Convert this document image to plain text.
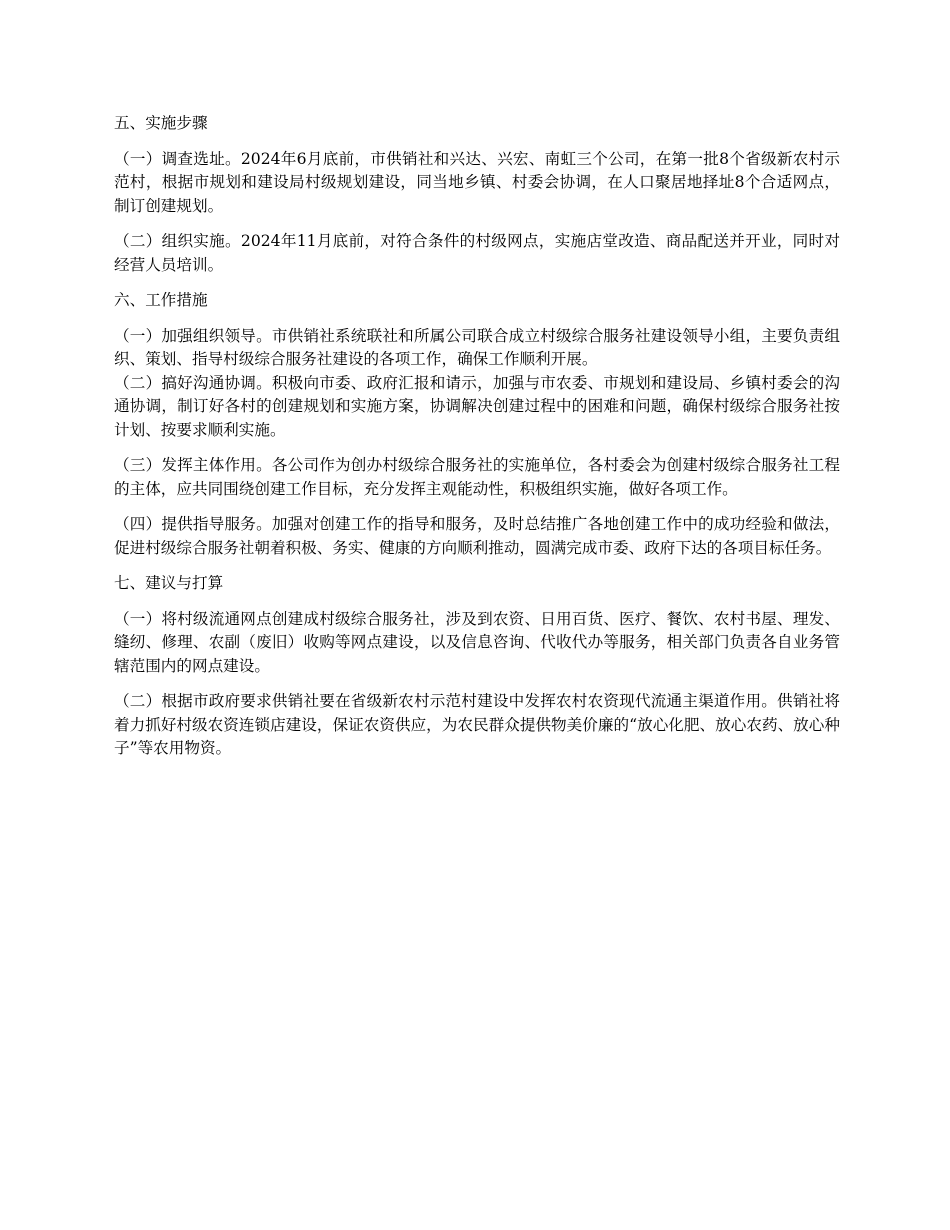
五、实施步骤
（一）调查选址。2024年6月底前，市供销社和兴达、兴宏、南虹三个公司，在第一批8个省级新农村示范村，根据市规划和建设局村级规划建设，同当地乡镇、村委会协调，在人口聚居地择址8个合适网点，制订创建规划。
（二）组织实施。2024年11月底前，对符合条件的村级网点，实施店堂改造、商品配送并开业，同时对经营人员培训。
六、工作措施
（一）加强组织领导。市供销社系统联社和所属公司联合成立村级综合服务社建设领导小组，主要负责组织、策划、指导村级综合服务社建设的各项工作，确保工作顺利开展。
（二）搞好沟通协调。积极向市委、政府汇报和请示，加强与市农委、市规划和建设局、乡镇村委会的沟通协调，制订好各村的创建规划和实施方案，协调解决创建过程中的困难和问题，确保村级综合服务社按计划、按要求顺利实施。
（三）发挥主体作用。各公司作为创办村级综合服务社的实施单位，各村委会为创建村级综合服务社工程的主体，应共同围绕创建工作目标，充分发挥主观能动性，积极组织实施，做好各项工作。
（四）提供指导服务。加强对创建工作的指导和服务，及时总结推广各地创建工作中的成功经验和做法，促进村级综合服务社朝着积极、务实、健康的方向顺利推动，圆满完成市委、政府下达的各项目标任务。
七、建议与打算
（一）将村级流通网点创建成村级综合服务社，涉及到农资、日用百货、医疗、餐饮、农村书屋、理发、缝纫、修理、农副（废旧）收购等网点建设，以及信息咨询、代收代办等服务，相关部门负责各自业务管辖范围内的网点建设。
（二）根据市政府要求供销社要在省级新农村示范村建设中发挥农村农资现代流通主渠道作用。供销社将着力抓好村级农资连锁店建设，保证农资供应，为农民群众提供物美价廉的“放心化肥、放心农药、放心种子”等农用物资。
